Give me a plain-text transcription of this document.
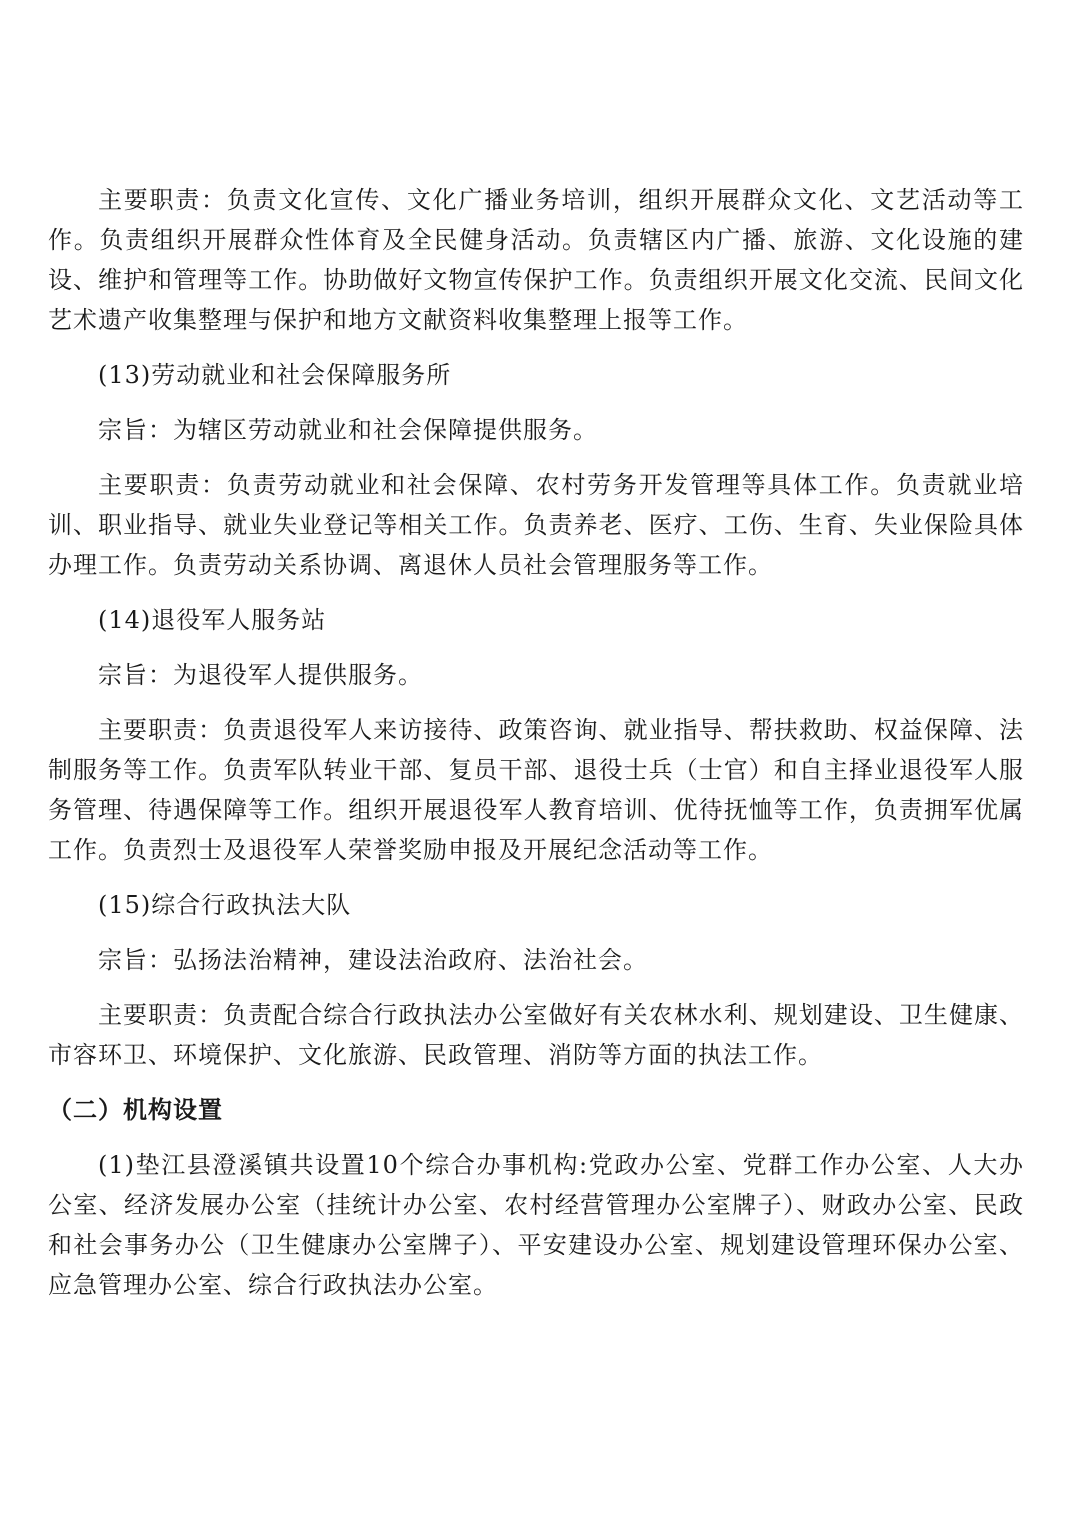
主要职责：负责文化宣传、文化广播业务培训，组织开展群众文化、文艺活动等工作。负责组织开展群众性体育及全民健身活动。负责辖区内广播、旅游、文化设施的建设、维护和管理等工作。协助做好文物宣传保护工作。负责组织开展文化交流、民间文化艺术遗产收集整理与保护和地方文献资料收集整理上报等工作。

(13)劳动就业和社会保障服务所

宗旨：为辖区劳动就业和社会保障提供服务。

主要职责：负责劳动就业和社会保障、农村劳务开发管理等具体工作。负责就业培训、职业指导、就业失业登记等相关工作。负责养老、医疗、工伤、生育、失业保险具体办理工作。负责劳动关系协调、离退休人员社会管理服务等工作。

(14)退役军人服务站

宗旨：为退役军人提供服务。

主要职责：负责退役军人来访接待、政策咨询、就业指导、帮扶救助、权益保障、法制服务等工作。负责军队转业干部、复员干部、退役士兵（士官）和自主择业退役军人服务管理、待遇保障等工作。组织开展退役军人教育培训、优待抚恤等工作，负责拥军优属工作。负责烈士及退役军人荣誉奖励申报及开展纪念活动等工作。

(15)综合行政执法大队

宗旨：弘扬法治精神，建设法治政府、法治社会。

主要职责：负责配合综合行政执法办公室做好有关农林水利、规划建设、卫生健康、市容环卫、环境保护、文化旅游、民政管理、消防等方面的执法工作。

（二）机构设置

(1)垫江县澄溪镇共设置10个综合办事机构:党政办公室、党群工作办公室、人大办公室、经济发展办公室（挂统计办公室、农村经营管理办公室牌子）、财政办公室、民政和社会事务办公（卫生健康办公室牌子）、平安建设办公室、规划建设管理环保办公室、应急管理办公室、综合行政执法办公室。
